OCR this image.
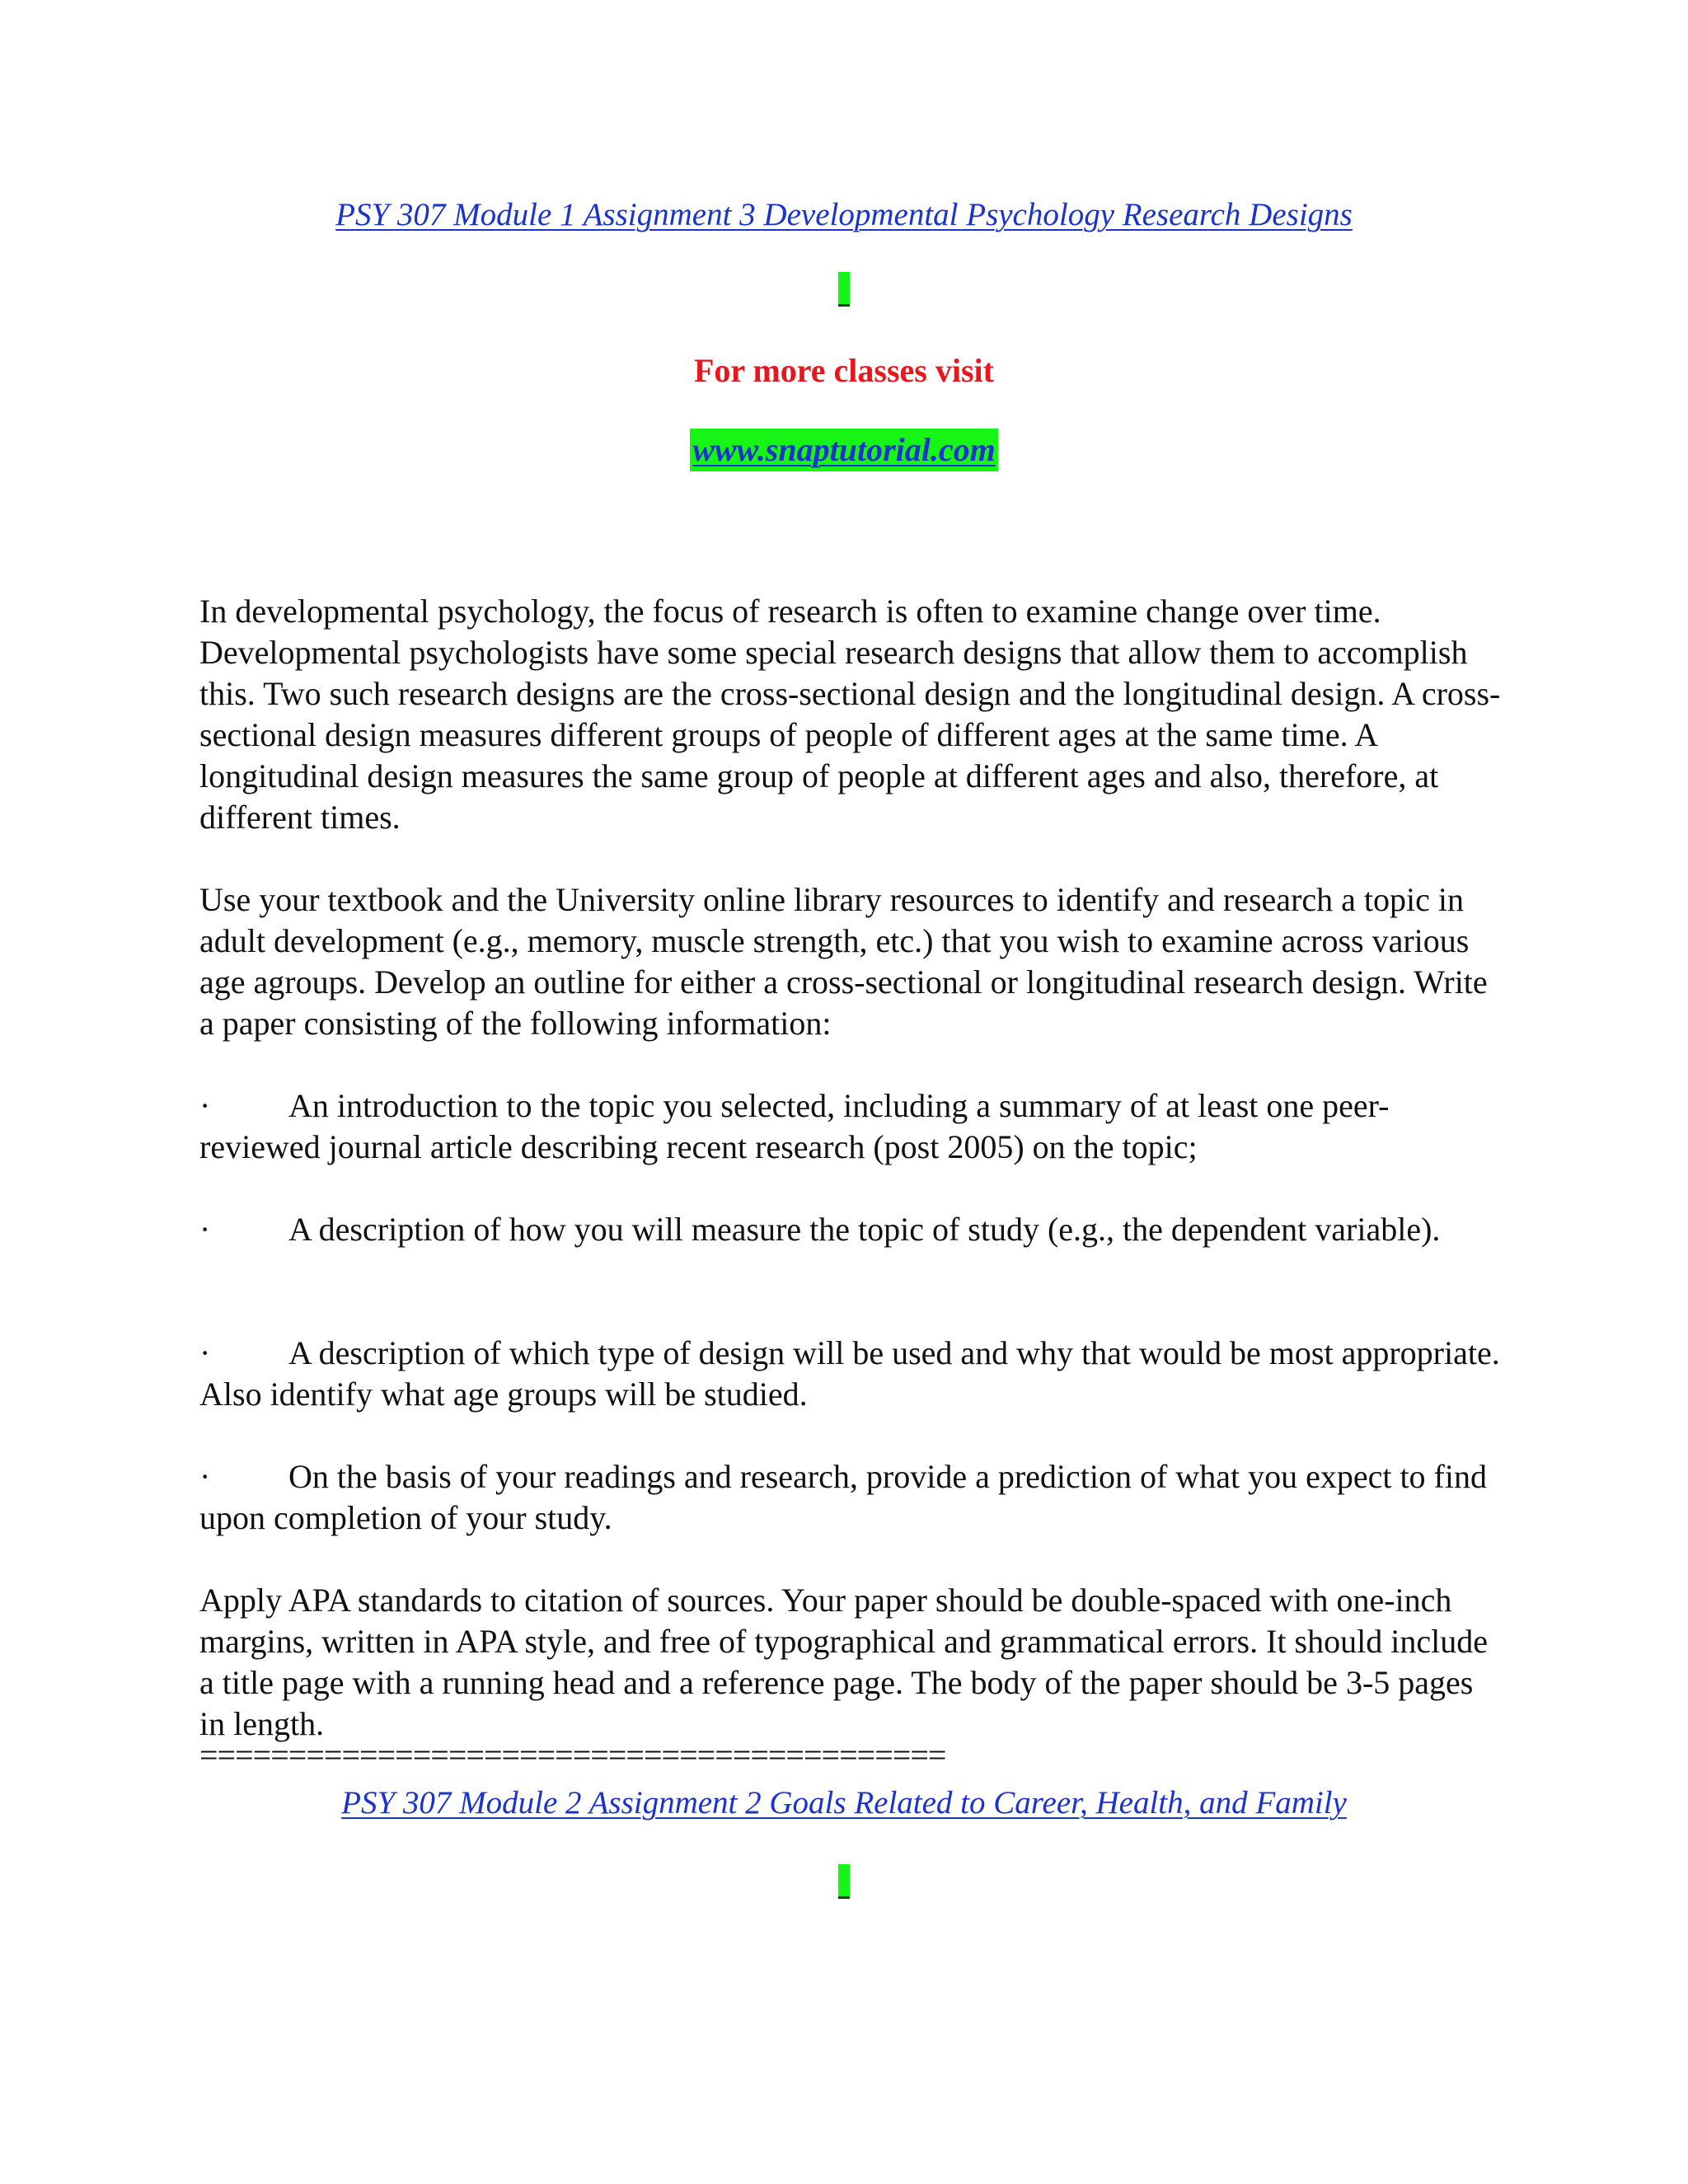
PSY 307 Module 1 Assignment 3 Developmental Psychology Research Designs
For more classes visit
www.snaptutorial.com

In developmental psychology, the focus of research is often to examine change over time. Developmental psychologists have some special research designs that allow them to accomplish this. Two such research designs are the cross-sectional design and the longitudinal design. A cross-sectional design measures different groups of people of different ages at the same time. A longitudinal design measures the same group of people at different ages and also, therefore, at different times.

Use your textbook and the University online library resources to identify and research a topic in adult development (e.g., memory, muscle strength, etc.) that you wish to examine across various age agroups. Develop an outline for either a cross-sectional or longitudinal research design. Write a paper consisting of the following information:

· An introduction to the topic you selected, including a summary of at least one peer-reviewed journal article describing recent research (post 2005) on the topic;

· A description of how you will measure the topic of study (e.g., the dependent variable).

· A description of which type of design will be used and why that would be most appropriate. Also identify what age groups will be studied.

· On the basis of your readings and research, provide a prediction of what you expect to find upon completion of your study.

Apply APA standards to citation of sources. Your paper should be double-spaced with one-inch margins, written in APA style, and free of typographical and grammatical errors. It should include a title page with a running head and a reference page. The body of the paper should be 3-5 pages in length.

==========================================

PSY 307 Module 2 Assignment 2 Goals Related to Career, Health, and Family
